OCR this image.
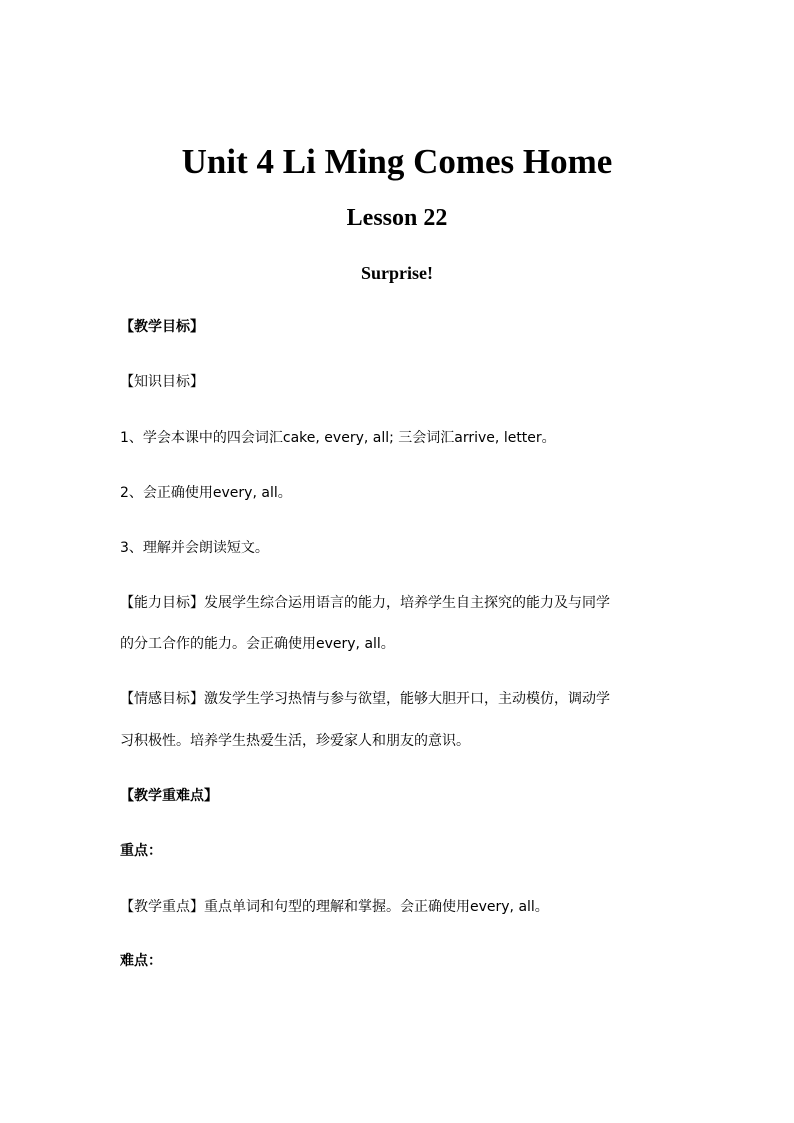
Unit 4 Li Ming Comes Home
Lesson 22
Surprise!

【教学目标】

【知识目标】

1、学会本课中的四会词汇cake, every, all; 三会词汇arrive, letter。

2、会正确使用every, all。

3、理解并会朗读短文。

【能力目标】发展学生综合运用语言的能力，培养学生自主探究的能力及与同学

的分工合作的能力。会正确使用every, all。

【情感目标】激发学生学习热情与参与欲望，能够大胆开口，主动模仿，调动学

习积极性。培养学生热爱生活，珍爱家人和朋友的意识。

【教学重难点】

重点：

【教学重点】重点单词和句型的理解和掌握。会正确使用every, all。

难点：
